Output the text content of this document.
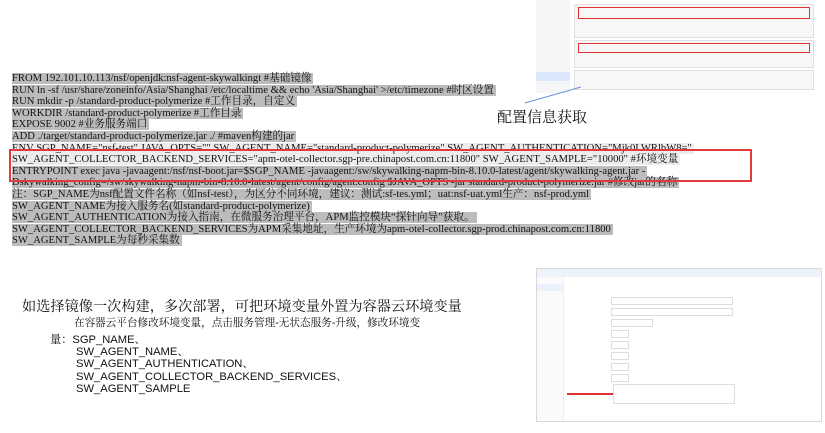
配置信息获取
FROM 192.101.10.113/nsf/openjdk:nsf-agent-skywalkingt #基础镜像
RUN ln -sf /usr/share/zoneinfo/Asia/Shanghai /etc/localtime && echo 'Asia/Shanghai' >/etc/timezone #时区设置
RUN mkdir -p /standard-product-polymerize #工作目录，自定义
WORKDIR /standard-product-polymerize #工作目录
EXPOSE 9002 #业务服务端口
ADD ./target/standard-product-polymerize.jar ./ #maven构建的jar
ENV SGP_NAME="nsf-test" JAVA_OPTS="" SW_AGENT_NAME="standard-product-polymerize" SW_AGENT_AUTHENTICATION="Mjk0LWRlbW8="
SW_AGENT_COLLECTOR_BACKEND_SERVICES="apm-otel-collector.sgp-pre.chinapost.com.cn:11800" SW_AGENT_SAMPLE="10000" #环境变量
ENTRYPOINT exec java -javaagent:/nsf/nsf-boot.jar=$SGP_NAME -javaagent:/sw/skywalking-napm-bin-8.10.0-latest/agent/skywalking-agent.jar -
Dskywalking_config=/sw/skywalking-napm-bin-8.10.0-latest/agent/config/agent.config $JAVA_OPTS -jar standard-product-polymerize.jar #修改jar的名称
注：SGP_NAME为nsf配置文件名称（如nsf-test），为区分不同环境，建议：测试:sf-tes.yml；uat:nsf-uat.yml生产：nsf-prod.yml
SW_AGENT_NAME为接入服务名(如standard-product-polymerize)
SW_AGENT_AUTHENTICATION为接入指南，在微服务治理平台，APM监控模块“探针向导”获取。
SW_AGENT_COLLECTOR_BACKEND_SERVICES为APM采集地址，生产环境为apm-otel-collector.sgp-prod.chinapost.com.cn:11800
SW_AGENT_SAMPLE为每秒采集数
如选择镜像一次构建，多次部署，可把环境变量外置为容器云环境变量
在容器云平台修改环境变量，点击服务管理-无状态服务-升级，修改环境变
量：SGP_NAME、
SW_AGENT_NAME、
SW_AGENT_AUTHENTICATION、
SW_AGENT_COLLECTOR_BACKEND_SERVICES、
SW_AGENT_SAMPLE
